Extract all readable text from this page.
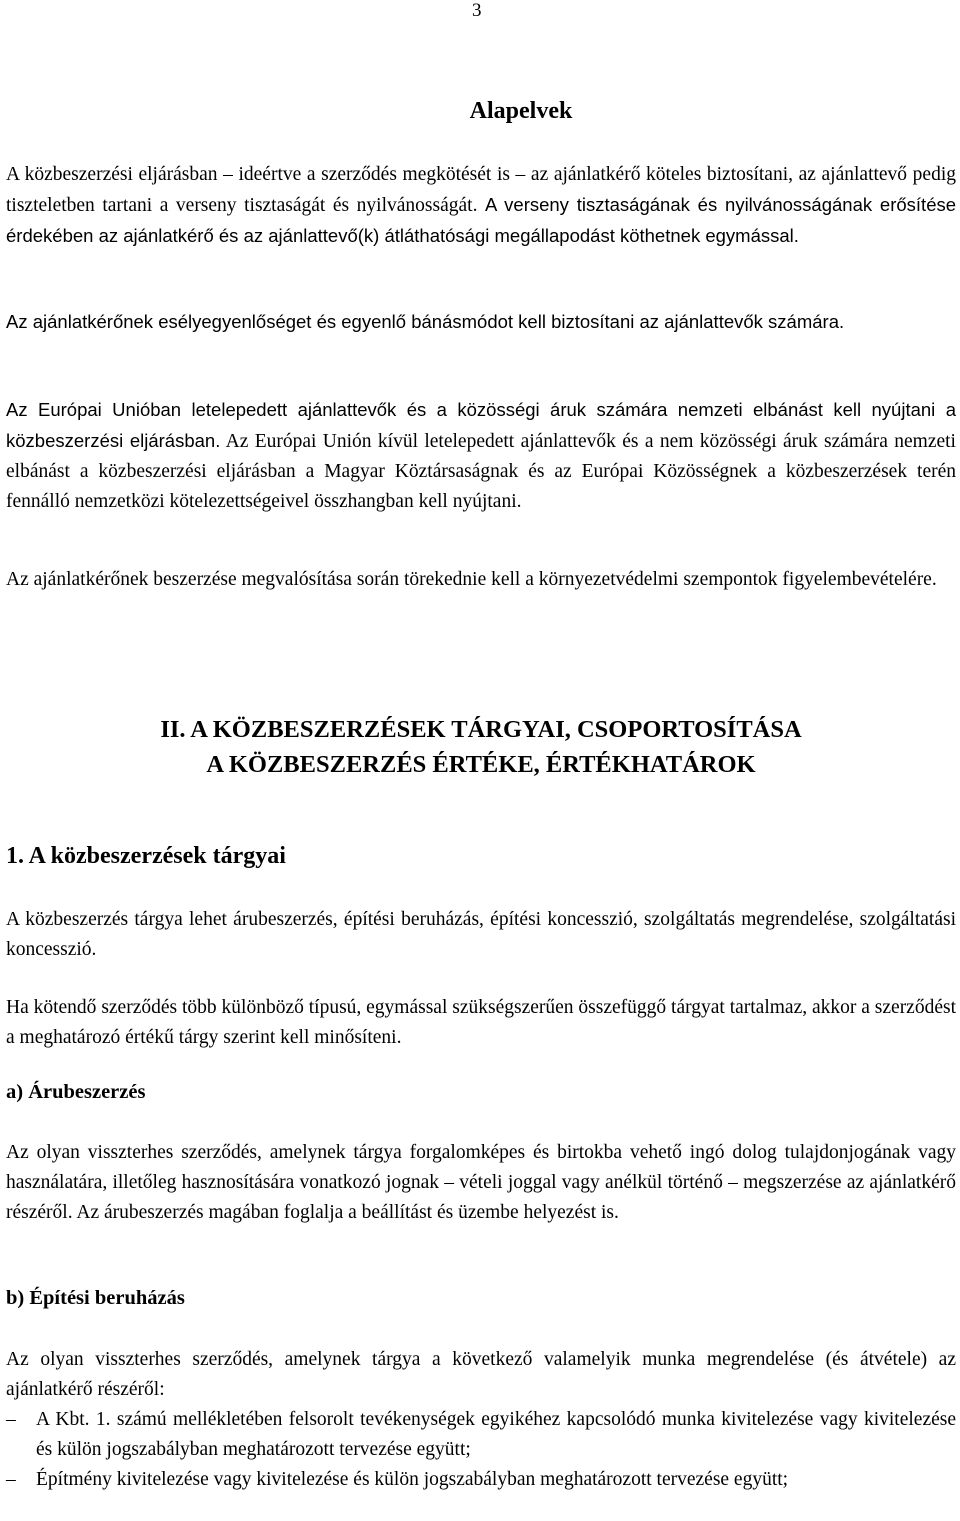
3
Alapelvek

A közbeszerzési eljárásban – ideértve a szerződés megkötését is – az ajánlatkérő köteles biztosítani, az ajánlattevő pedig tiszteletben tartani a verseny tisztaságát és nyilvánosságát. A verseny tisztaságának és nyilvánosságának erősítése érdekében az ajánlatkérő és az ajánlattevő(k) átláthatósági megállapodást köthetnek egymással.

Az ajánlatkérőnek esélyegyenlőséget és egyenlő bánásmódot kell biztosítani az ajánlattevők számára.

Az Európai Unióban letelepedett ajánlattevők és a közösségi áruk számára nemzeti elbánást kell nyújtani a közbeszerzési eljárásban. Az Európai Unión kívül letelepedett ajánlattevők és a nem közösségi áruk számára nemzeti elbánást a közbeszerzési eljárásban a Magyar Köztársaságnak és az Európai Közösségnek a közbeszerzések terén fennálló nemzetközi kötelezettségeivel összhangban kell nyújtani.

Az ajánlatkérőnek beszerzése megvalósítása során törekednie kell a környezetvédelmi szempontok figyelembevételére.

II. A KÖZBESZERZÉSEK TÁRGYAI, CSOPORTOSÍTÁSA
A KÖZBESZERZÉS ÉRTÉKE, ÉRTÉKHATÁROK
1. A közbeszerzések tárgyai

A közbeszerzés tárgya lehet árubeszerzés, építési beruházás, építési koncesszió, szolgáltatás megrendelése, szolgáltatási koncesszió.

Ha kötendő szerződés több különböző típusú, egymással szükségszerűen összefüggő tárgyat tartalmaz, akkor a szerződést a meghatározó értékű tárgy szerint kell minősíteni.

a) Árubeszerzés

Az olyan visszterhes szerződés, amelynek tárgya forgalomképes és birtokba vehető ingó dolog tulajdonjogának vagy használatára, illetőleg hasznosítására vonatkozó jognak – vételi joggal vagy anélkül történő – megszerzése az ajánlatkérő részéről. Az árubeszerzés magában foglalja a beállítást és üzembe helyezést is.

b) Építési beruházás

Az olyan visszterhes szerződés, amelynek tárgya a következő valamelyik munka megrendelése (és átvétele) az ajánlatkérő részéről:

– A Kbt. 1. számú mellékletében felsorolt tevékenységek egyikéhez kapcsolódó munka kivitelezése vagy kivitelezése és külön jogszabályban meghatározott tervezése együtt;
– Építmény kivitelezése vagy kivitelezése és külön jogszabályban meghatározott tervezése együtt;
